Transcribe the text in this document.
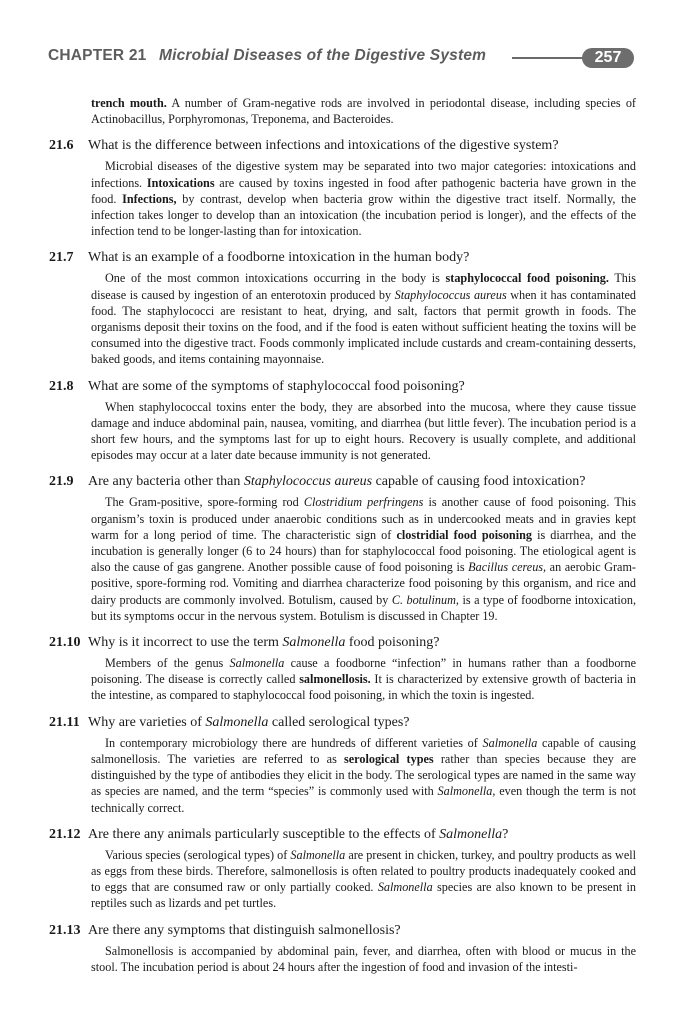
CHAPTER 21 Microbial Diseases of the Digestive System	257

trench mouth. A number of Gram-negative rods are involved in periodontal disease, including species of Actinobacillus, Porphyromonas, Treponema, and Bacteroides.

21.6	What is the difference between infections and intoxications of the digestive system?

Microbial diseases of the digestive system may be separated into two major categories: intoxications and infections. Intoxications are caused by toxins ingested in food after pathogenic bacteria have grown in the food. Infections, by contrast, develop when bacteria grow within the digestive tract itself. Normally, the infection takes longer to develop than an intoxication (the incubation period is longer), and the effects of the infection tend to be longer-lasting than for intoxication.

21.7	What is an example of a foodborne intoxication in the human body?

One of the most common intoxications occurring in the body is staphylococcal food poisoning. This disease is caused by ingestion of an enterotoxin produced by Staphylococcus aureus when it has contaminated food. The staphylococci are resistant to heat, drying, and salt, factors that permit growth in foods. The organisms deposit their toxins on the food, and if the food is eaten without sufficient heating the toxins will be consumed into the digestive tract. Foods commonly implicated include custards and cream-containing desserts, baked goods, and items containing mayonnaise.

21.8	What are some of the symptoms of staphylococcal food poisoning?

When staphylococcal toxins enter the body, they are absorbed into the mucosa, where they cause tissue damage and induce abdominal pain, nausea, vomiting, and diarrhea (but little fever). The incubation period is a short few hours, and the symptoms last for up to eight hours. Recovery is usually complete, and additional episodes may occur at a later date because immunity is not generated.

21.9	Are any bacteria other than Staphylococcus aureus capable of causing food intoxication?

The Gram-positive, spore-forming rod Clostridium perfringens is another cause of food poisoning. This organism’s toxin is produced under anaerobic conditions such as in undercooked meats and in gravies kept warm for a long period of time. The characteristic sign of clostridial food poisoning is diarrhea, and the incubation is generally longer (6 to 24 hours) than for staphylococcal food poisoning. The etiological agent is also the cause of gas gangrene. Another possible cause of food poisoning is Bacillus cereus, an aerobic Gram-positive, spore-forming rod. Vomiting and diarrhea characterize food poisoning by this organism, and rice and dairy products are commonly involved. Botulism, caused by C. botulinum, is a type of foodborne intoxication, but its symptoms occur in the nervous system. Botulism is discussed in Chapter 19.

21.10 Why is it incorrect to use the term Salmonella food poisoning?

Members of the genus Salmonella cause a foodborne “infection” in humans rather than a foodborne poisoning. The disease is correctly called salmonellosis. It is characterized by extensive growth of bacteria in the intestine, as compared to staphylococcal food poisoning, in which the toxin is ingested.

21.11 Why are varieties of Salmonella called serological types?

In contemporary microbiology there are hundreds of different varieties of Salmonella capable of causing salmonellosis. The varieties are referred to as serological types rather than species because they are distinguished by the type of antibodies they elicit in the body. The serological types are named in the same way as species are named, and the term “species” is commonly used with Salmonella, even though the term is not technically correct.

21.12 Are there any animals particularly susceptible to the effects of Salmonella?

Various species (serological types) of Salmonella are present in chicken, turkey, and poultry products as well as eggs from these birds. Therefore, salmonellosis is often related to poultry products inadequately cooked and to eggs that are consumed raw or only partially cooked. Salmonella species are also known to be present in reptiles such as lizards and pet turtles.

21.13 Are there any symptoms that distinguish salmonellosis?

Salmonellosis is accompanied by abdominal pain, fever, and diarrhea, often with blood or mucus in the stool. The incubation period is about 24 hours after the ingestion of food and invasion of the intesti-
